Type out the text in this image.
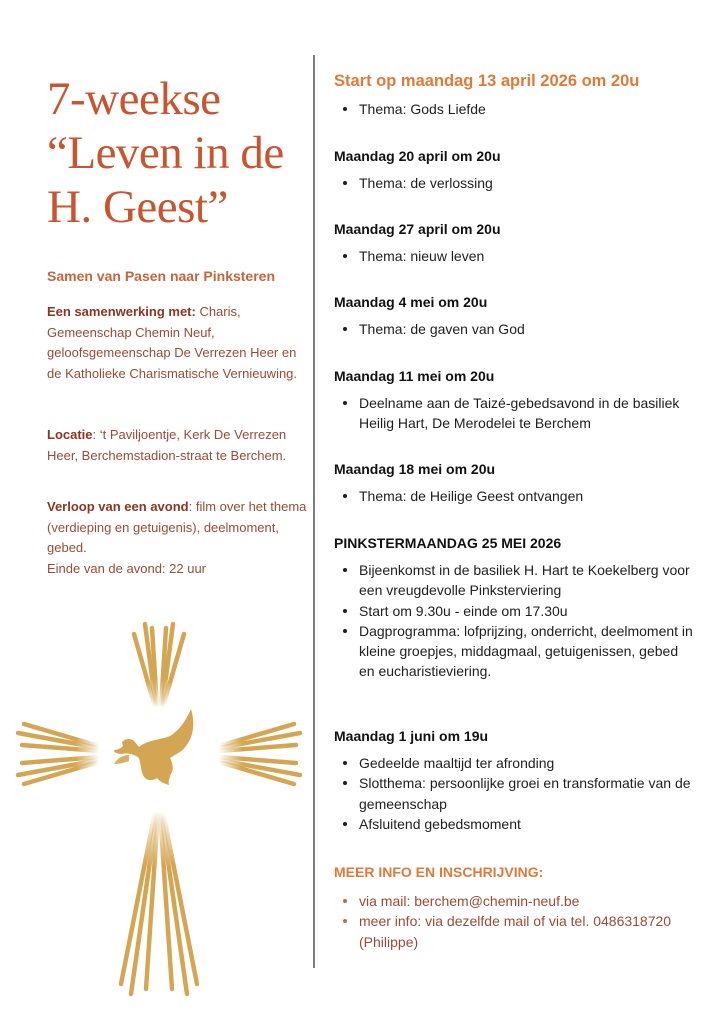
7-weekse
“Leven in de
H. Geest”

Samen van Pasen naar Pinksteren

Een samenwerking met: Charis, Gemeenschap Chemin Neuf, geloofsgemeenschap De Verrezen Heer en de Katholieke Charismatische Vernieuwing.

Locatie: ‘t Paviljoentje, Kerk De Verrezen Heer, Berchemstadion-straat te Berchem.

Verloop van een avond: film over het thema (verdieping en getuigenis), deelmoment, gebed.
Einde van de avond: 22 uur

Start op maandag 13 april 2026 om 20u

Thema: Gods Liefde

Maandag 20 april om 20u

Thema: de verlossing

Maandag 27 april om 20u

Thema: nieuw leven

Maandag 4 mei om 20u

Thema: de gaven van God

Maandag 11 mei om 20u

Deelname aan de Taizé-gebedsavond in de basiliek Heilig Hart, De Merodelei te Berchem

Maandag 18 mei om 20u

Thema: de Heilige Geest ontvangen

PINKSTERMAANDAG 25 MEI 2026

Bijeenkomst in de basiliek H. Hart te Koekelberg voor een vreugdevolle Pinksterviering
Start om 9.30u - einde om 17.30u
Dagprogramma: lofprijzing, onderricht, deelmoment in kleine groepjes, middagmaal, getuigenissen, gebed en eucharistieviering.

Maandag 1 juni om 19u

Gedeelde maaltijd ter afronding
Slotthema: persoonlijke groei en transformatie van de gemeenschap
Afsluitend gebedsmoment

MEER INFO EN INSCHRIJVING:

via mail: berchem@chemin-neuf.be
meer info: via dezelfde mail of via tel. 0486318720 (Philippe)
